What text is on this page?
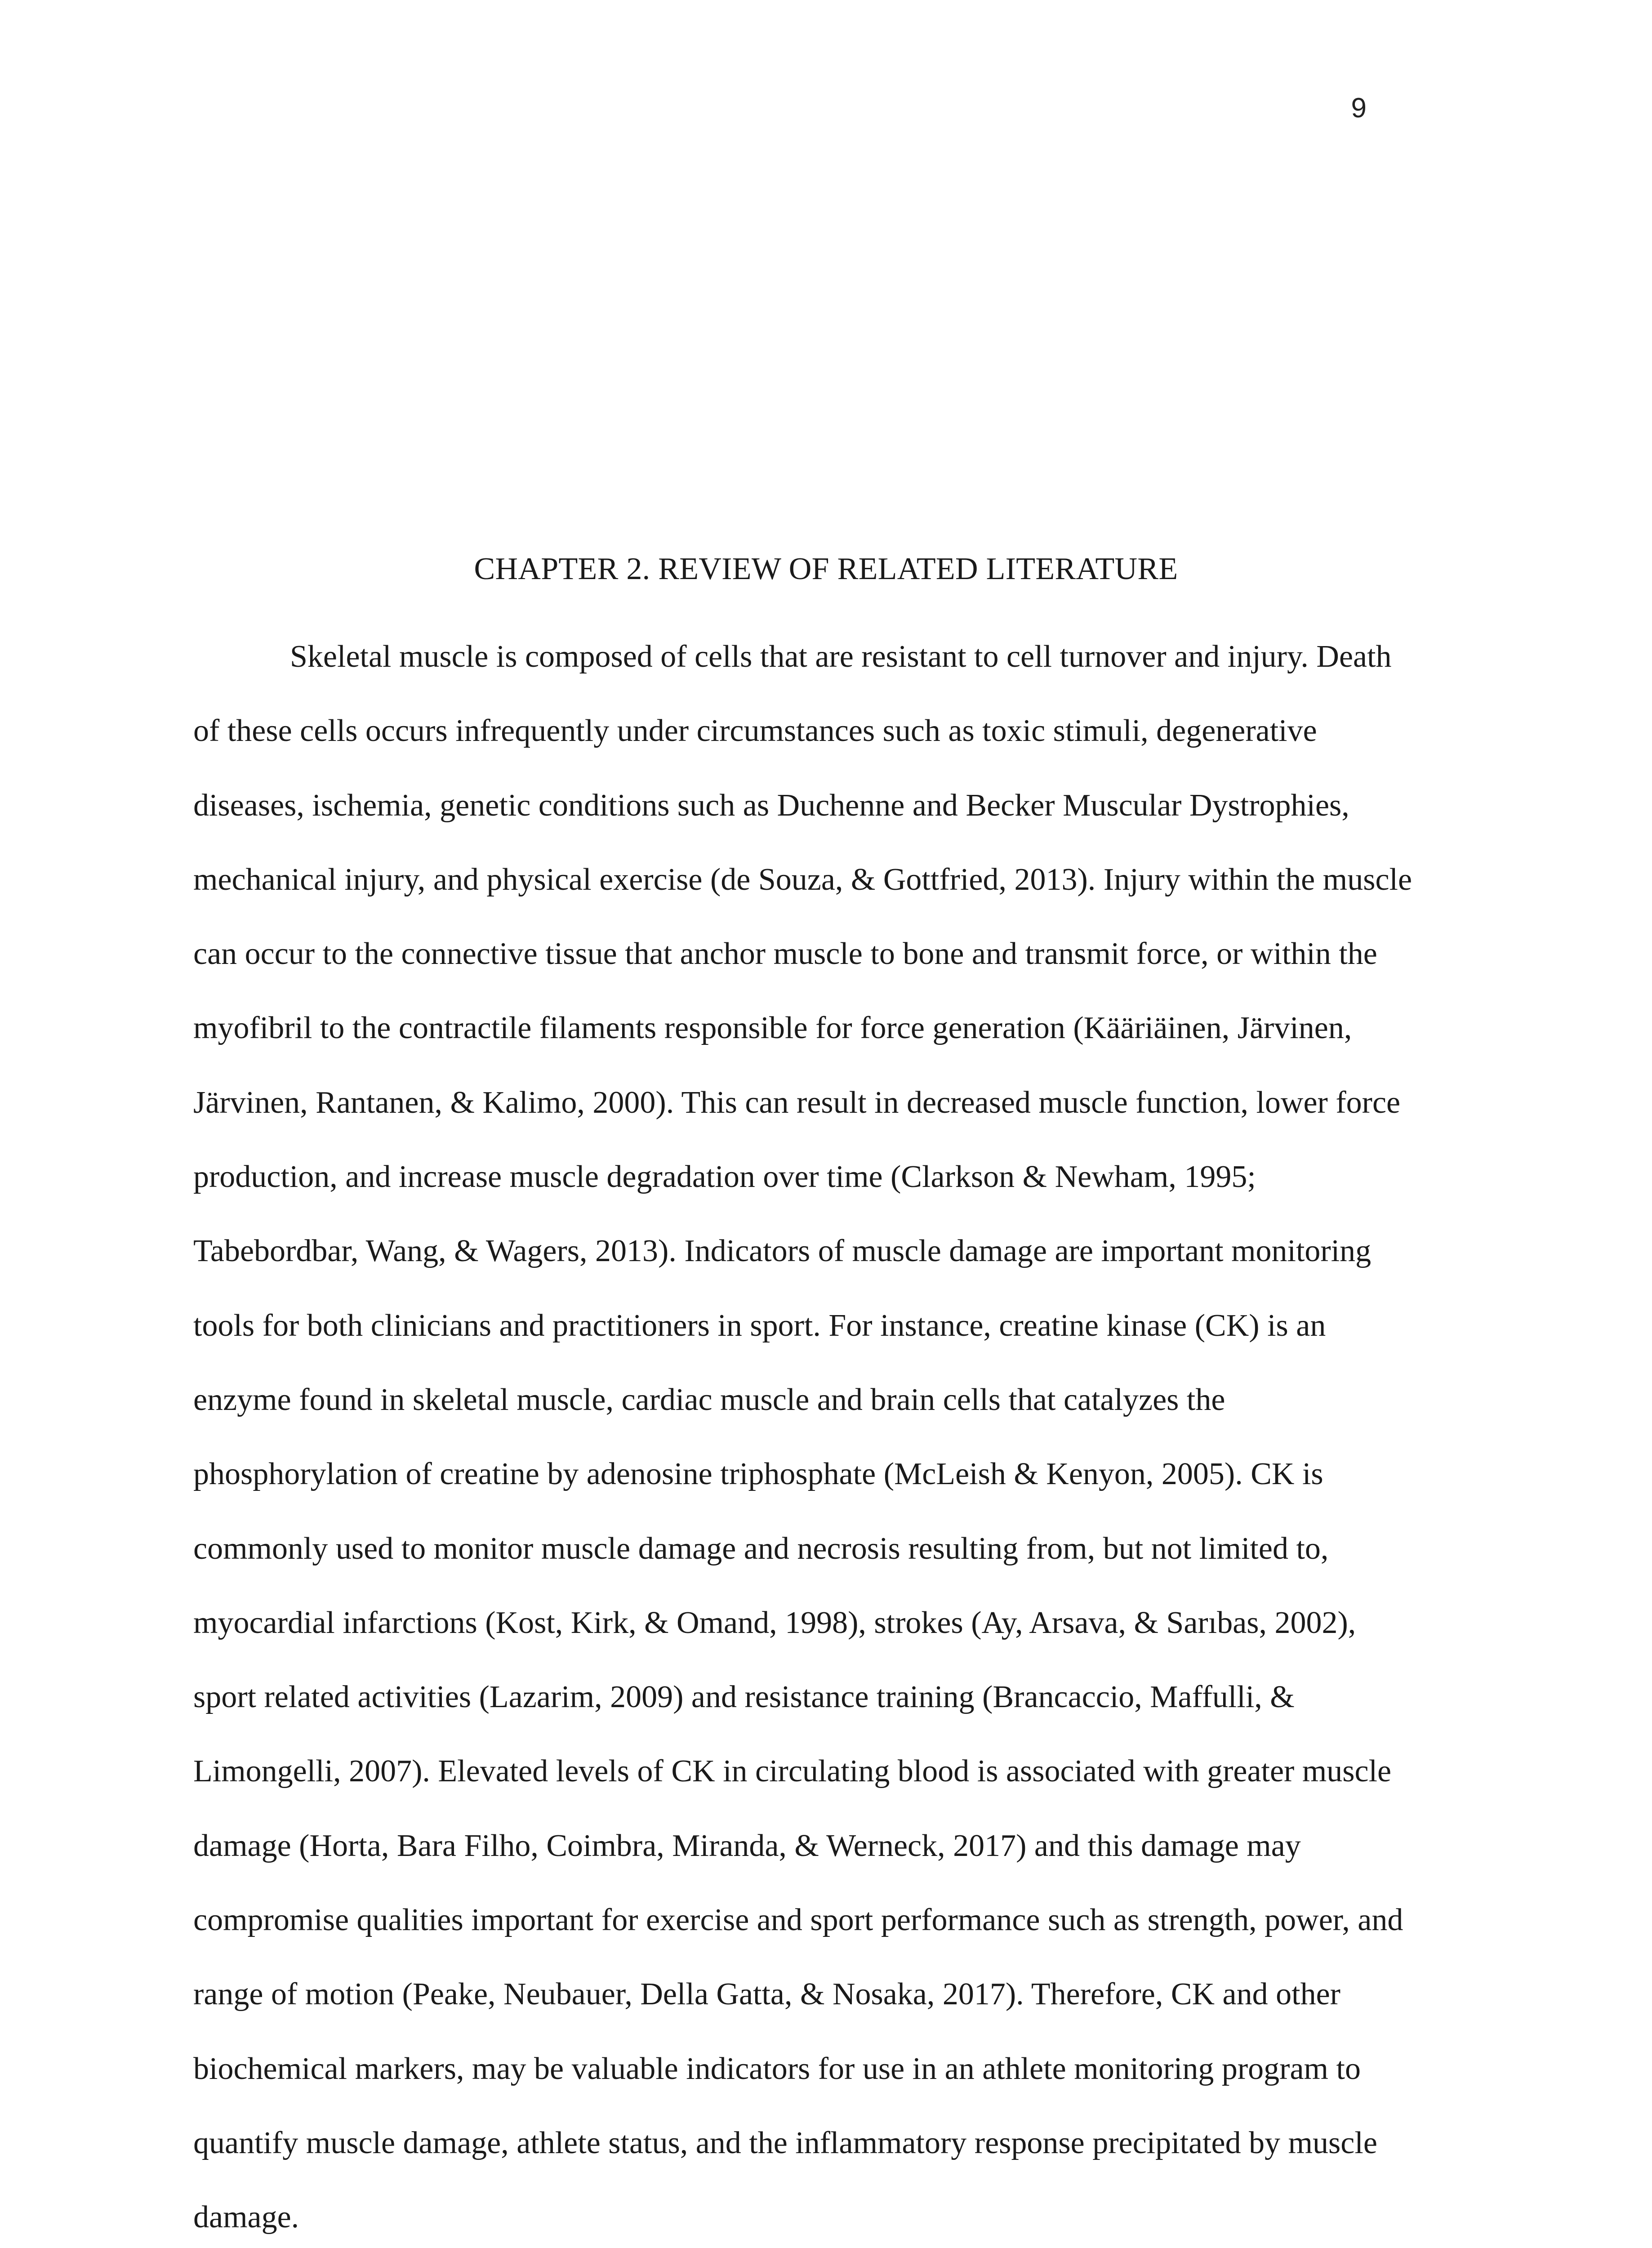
9
CHAPTER 2. REVIEW OF RELATED LITERATURE
Skeletal muscle is composed of cells that are resistant to cell turnover and injury. Death
of these cells occurs infrequently under circumstances such as toxic stimuli, degenerative
diseases, ischemia, genetic conditions such as Duchenne and Becker Muscular Dystrophies,
mechanical injury, and physical exercise (de Souza, & Gottfried, 2013). Injury within the muscle
can occur to the connective tissue that anchor muscle to bone and transmit force, or within the
myofibril to the contractile filaments responsible for force generation (Kääriäinen, Järvinen,
Järvinen, Rantanen, & Kalimo, 2000). This can result in decreased muscle function, lower force
production, and increase muscle degradation over time (Clarkson & Newham, 1995;
Tabebordbar, Wang, & Wagers, 2013). Indicators of muscle damage are important monitoring
tools for both clinicians and practitioners in sport. For instance, creatine kinase (CK) is an
enzyme found in skeletal muscle, cardiac muscle and brain cells that catalyzes the
phosphorylation of creatine by adenosine triphosphate (McLeish & Kenyon, 2005). CK is
commonly used to monitor muscle damage and necrosis resulting from, but not limited to,
myocardial infarctions (Kost, Kirk, & Omand, 1998), strokes (Ay, Arsava, & Sarıbas, 2002),
sport related activities (Lazarim, 2009) and resistance training (Brancaccio, Maffulli, &
Limongelli, 2007). Elevated levels of CK in circulating blood is associated with greater muscle
damage (Horta, Bara Filho, Coimbra, Miranda, & Werneck, 2017) and this damage may
compromise qualities important for exercise and sport performance such as strength, power, and
range of motion (Peake, Neubauer, Della Gatta, & Nosaka, 2017). Therefore, CK and other
biochemical markers, may be valuable indicators for use in an athlete monitoring program to
quantify muscle damage, athlete status, and the inflammatory response precipitated by muscle
damage.
